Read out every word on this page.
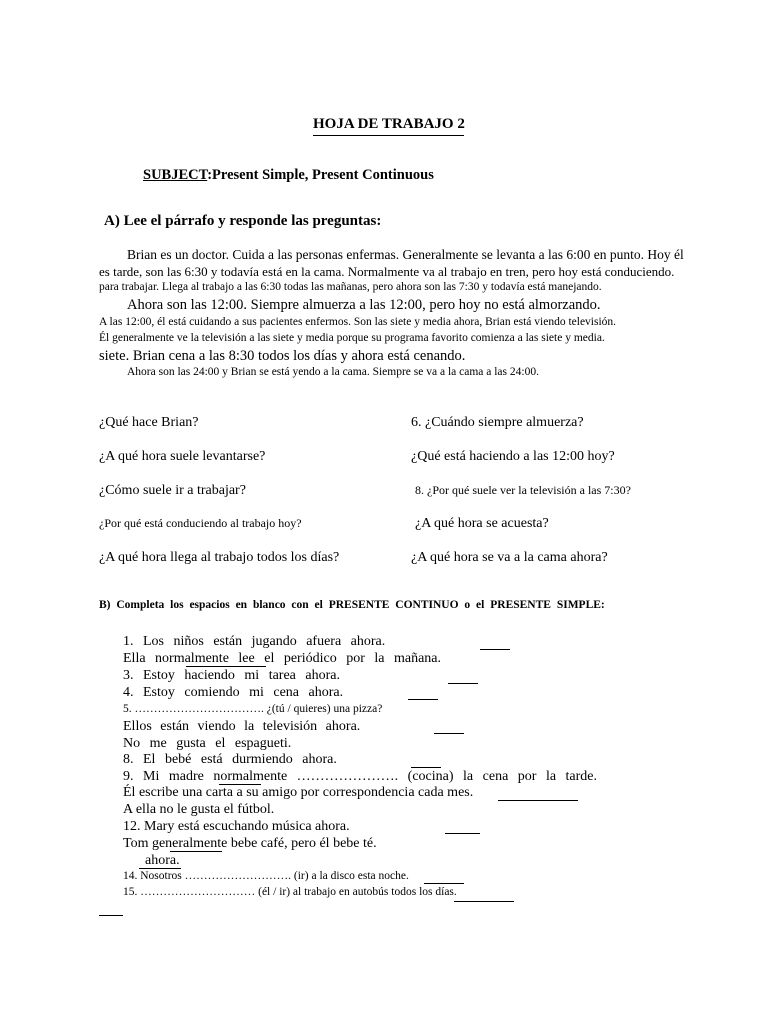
HOJA DE TRABAJO 2
SUBJECT:Present Simple, Present Continuous
A) Lee el párrafo y responde las preguntas:
Brian es un doctor. Cuida a las personas enfermas. Generalmente se levanta a las 6:00 en punto. Hoy él
es tarde, son las 6:30 y todavía está en la cama. Normalmente va al trabajo en tren, pero hoy está conduciendo.
para trabajar. Llega al trabajo a las 6:30 todas las mañanas, pero ahora son las 7:30 y todavía está manejando.
Ahora son las 12:00. Siempre almuerza a las 12:00, pero hoy no está almorzando.
A las 12:00, él está cuidando a sus pacientes enfermos. Son las siete y media ahora, Brian está viendo televisión.
Él generalmente ve la televisión a las siete y media porque su programa favorito comienza a las siete y media.
siete. Brian cena a las 8:30 todos los días y ahora está cenando.
Ahora son las 24:00 y Brian se está yendo a la cama. Siempre se va a la cama a las 24:00.
¿Qué hace Brian?
¿A qué hora suele levantarse?
¿Cómo suele ir a trabajar?
¿Por qué está conduciendo al trabajo hoy?
¿A qué hora llega al trabajo todos los días?
6. ¿Cuándo siempre almuerza?
¿Qué está haciendo a las 12:00 hoy?
8. ¿Por qué suele ver la televisión a las 7:30?
¿A qué hora se acuesta?
¿A qué hora se va a la cama ahora?
B) Completa los espacios en blanco con el PRESENTE CONTINUO o el PRESENTE SIMPLE:
1. Los niños están jugando afuera ahora.
Ella normalmente lee el periódico por la mañana.
3. Estoy haciendo mi tarea ahora.
4. Estoy comiendo mi cena ahora.
5. ……………………………. ¿(tú / quieres) una pizza?
Ellos están viendo la televisión ahora.
No me gusta el espagueti.
8. El bebé está durmiendo ahora.
9. Mi madre normalmente …………………. (cocina) la cena por la tarde.
Él escribe una carta a su amigo por correspondencia cada mes.
A ella no le gusta el fútbol.
12. Mary está escuchando música ahora.
Tom generalmente bebe café, pero él bebe té.
ahora.
14. Nosotros ………………………. (ir) a la disco esta noche.
15. ………………………… (él / ir) al trabajo en autobús todos los días.
